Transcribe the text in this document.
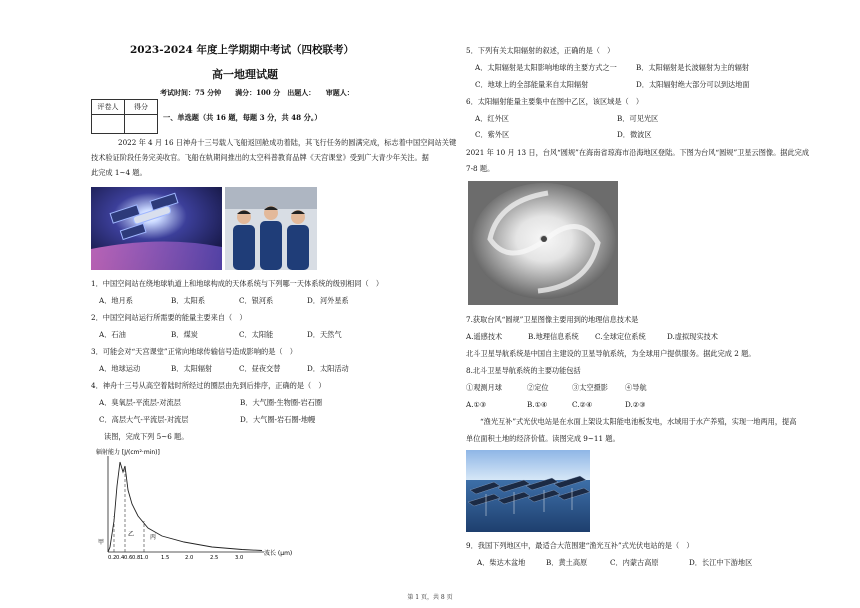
2023-2024 年度上学期期中考试（四校联考）
高一地理试题
考试时间：75 分钟　　满分：100 分　出题人：　　审题人：
评卷人	得分

一、单选题（共 16 题，每题 3 分，共 48 分。）
2022 年 4 月 16 日神舟十三号载人飞船返回舱成功着陆，其飞行任务的圆满完成，标志着中国空间站关键
技术验证阶段任务完美收官。飞船在轨期间推出的太空科普教育品牌《天宫课堂》受到广大青少年关注。据
此完成 1~4 题。
1．中国空间站在绕地球轨道上和地球构成的天体系统与下列哪一天体系统的级别相同（　）
A．地月系	B．太阳系	C．银河系	D．河外星系
2．中国空间站运行所需要的能量主要来自（　）
A．石油	B．煤炭	C．太阳能	D．天然气
3．可能会对“天宫课堂”正常向地球传输信号造成影响的是（　）
A．地球运动	B．太阳辐射	C．昼夜交替	D．太阳活动
4．神舟十三号从高空着陆时所经过的圈层由先到后排序，正确的是（　）
A．臭氧层-平流层-对流层	B．大气圈-生物圈-岩石圈
C．高层大气-平流层-对流层	D．大气圈-岩石圈-地幔
读图，完成下列 5~6 题。
辐射能力 [J/(cm²·min)]
甲
乙	丙
0.2 0.4 0.6 0.8 1.0 1.5	2.0	2.5	3.0
波长 (μm)
5．下列有关太阳辐射的叙述，正确的是（　）
A．太阳辐射是太阳影响地球的主要方式之一	B．太阳辐射是长波辐射为主的辐射
C．地球上的全部能量来自太阳辐射	D．太阳辐射绝大部分可以到达地面
6．太阳辐射能量主要集中在图中乙区，该区域是（　）
A．红外区	B．可见光区
C．紫外区	D．微波区
2021 年 10 月 13 日，台风“圆规”在海南省琼海市沿海地区登陆。下图为台风“圆规”卫星云图像。据此完成
7-8 题。
7.获取台风“圆规”卫星图像主要用到的地理信息技术是
A.遥感技术	B.地理信息系统 C.全球定位系统	D.虚拟现实技术
北斗卫星导航系统是中国自主建设的卫星导航系统，为全球用户提供服务。据此完成 2 题。
8.北斗卫星导航系统的主要功能包括
①观测月球	②定位	③太空摄影 ④导航
A.①③	B.①④	C.②④	D.②③
“渔光互补”式光伏电站是在水面上架设太阳能电池板发电，水域用于水产养殖，实现一地两用，提高
单位面积土地的经济价值。读图完成 9~11 题。
9．我国下列地区中，最适合大范围建“渔光互补”式光伏电站的是（　）
A．柴达木盆地	B．黄土高原	C．内蒙古高原	D．长江中下游地区
第 1 页，共 8 页
